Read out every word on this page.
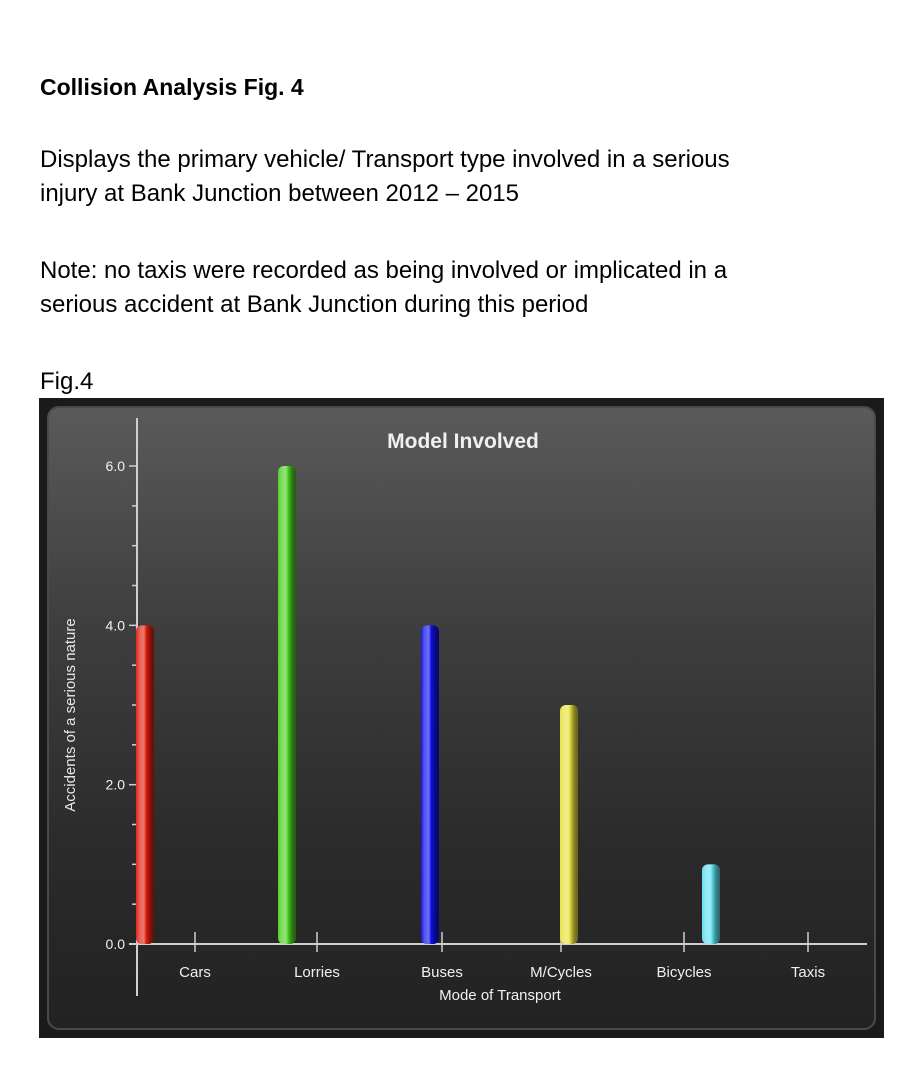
Collision Analysis Fig. 4
Displays the primary vehicle/ Transport type involved in a serious
injury at Bank Junction between 2012 – 2015
Note: no taxis were recorded as being involved or implicated in a
serious accident at Bank Junction during this period
Fig.4
Model Involved
Accidents of a serious nature
Mode of Transport
0.0
2.0
4.0
6.0
Cars	Lorries	Buses	M/Cycles	Bicycles	Taxis
